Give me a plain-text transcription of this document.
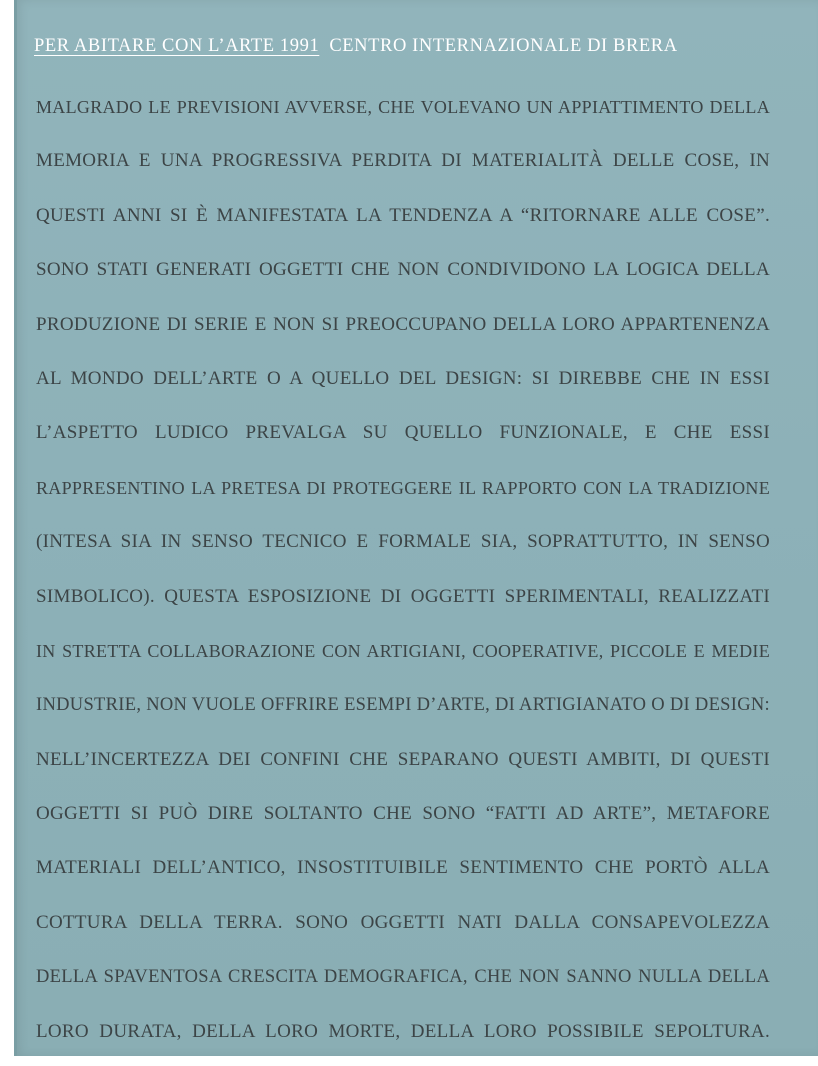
PER ABITARE CON L’ARTE 1991 CENTRO INTERNAZIONALE DI BRERA
MALGRADO LE PREVISIONI AVVERSE, CHE VOLEVANO UN APPIATTIMENTO DELLA
MEMORIA E UNA PROGRESSIVA PERDITA DI MATERIALITÀ DELLE COSE, IN
QUESTI ANNI SI È MANIFESTATA LA TENDENZA A “RITORNARE ALLE COSE”.
SONO STATI GENERATI OGGETTI CHE NON CONDIVIDONO LA LOGICA DELLA
PRODUZIONE DI SERIE E NON SI PREOCCUPANO DELLA LORO APPARTENENZA
AL MONDO DELL’ARTE O A QUELLO DEL DESIGN: SI DIREBBE CHE IN ESSI
L’ASPETTO LUDICO PREVALGA SU QUELLO FUNZIONALE, E CHE ESSI
RAPPRESENTINO LA PRETESA DI PROTEGGERE IL RAPPORTO CON LA TRADIZIONE
(INTESA SIA IN SENSO TECNICO E FORMALE SIA, SOPRATTUTTO, IN SENSO
SIMBOLICO). QUESTA ESPOSIZIONE DI OGGETTI SPERIMENTALI, REALIZZATI
IN STRETTA COLLABORAZIONE CON ARTIGIANI, COOPERATIVE, PICCOLE E MEDIE
INDUSTRIE, NON VUOLE OFFRIRE ESEMPI D’ARTE, DI ARTIGIANATO O DI DESIGN:
NELL’INCERTEZZA DEI CONFINI CHE SEPARANO QUESTI AMBITI, DI QUESTI
OGGETTI SI PUÒ DIRE SOLTANTO CHE SONO “FATTI AD ARTE”, METAFORE
MATERIALI DELL’ANTICO, INSOSTITUIBILE SENTIMENTO CHE PORTÒ ALLA
COTTURA DELLA TERRA. SONO OGGETTI NATI DALLA CONSAPEVOLEZZA
DELLA SPAVENTOSA CRESCITA DEMOGRAFICA, CHE NON SANNO NULLA DELLA
LORO DURATA, DELLA LORO MORTE, DELLA LORO POSSIBILE SEPOLTURA.
